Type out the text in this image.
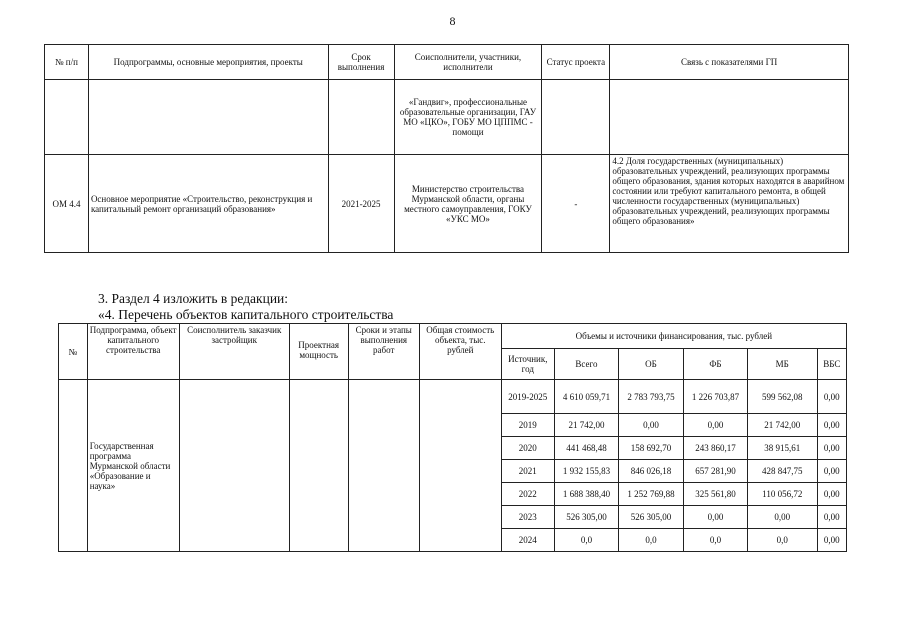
8
№ п/п	Подпрограммы, основные мероприятия, проекты	Срок выполнения	Соисполнители, участники, исполнители	Статус проекта	Связь с показателями ГП
			«Гандвиг», профессиональные образовательные организации, ГАУ МО «ЦКО», ГОБУ МО ЦППМС - помощи		
ОМ 4.4	Основное мероприятие «Строительство, реконструкция и капитальный ремонт организаций образования»	2021-2025	Министерство строительства Мурманской области, органы местного самоуправления, ГОКУ «УКС МО»	-	4.2 Доля государственных (муниципальных) образовательных учреждений, реализующих программы общего образования, здания которых находятся в аварийном состоянии или требуют капитального ремонта, в общей численности государственных (муниципальных) образовательных учреждений, реализующих программы общего образования»
3. Раздел 4 изложить в редакции:
«4. Перечень объектов капитального строительства
№	Подпрограмма, объект капитального строительства	Соисполнитель заказчик застройщик	Проектная мощность	Сроки и этапы выполнения работ	Общая стоимость объекта, тыс. рублей	Объемы и источники финансирования, тыс. рублей					
						Источник, год	Всего	ОБ	ФБ	МБ	ВБС
	Государственная программа Мурманской области «Образование и наука»					2019-2025	4 610 059,71	2 783 793,75	1 226 703,87	599 562,08	0,00
						2019	21 742,00	0,00	0,00	21 742,00	0,00
						2020	441 468,48	158 692,70	243 860,17	38 915,61	0,00
						2021	1 932 155,83	846 026,18	657 281,90	428 847,75	0,00
						2022	1 688 388,40	1 252 769,88	325 561,80	110 056,72	0,00
						2023	526 305,00	526 305,00	0,00	0,00	0,00
						2024	0,0	0,0	0,0	0,0	0,00
